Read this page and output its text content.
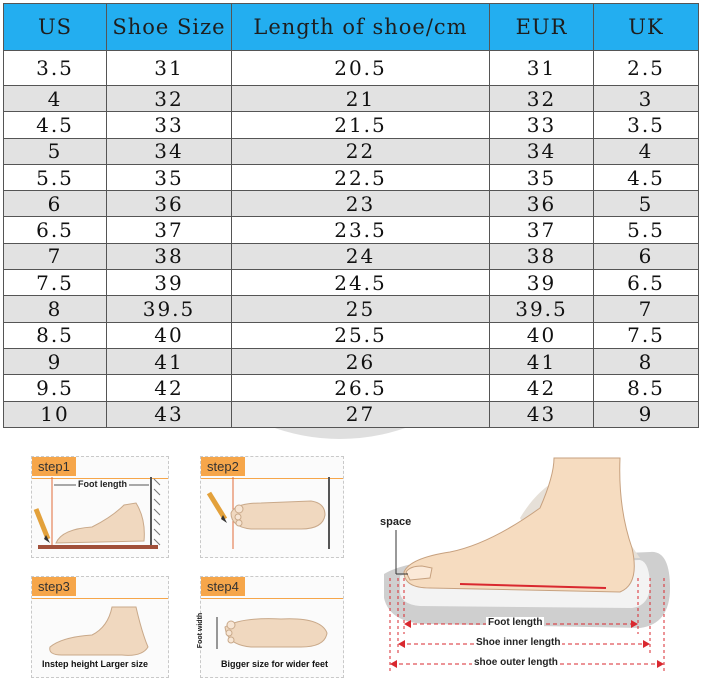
US	Shoe Size	Length of shoe/cm	EUR	UK
3.5	31	20.5	31	2.5
4	32	21	32	3
4.5	33	21.5	33	3.5
5	34	22	34	4
5.5	35	22.5	35	4.5
6	36	23	36	5
6.5	37	23.5	37	5.5
7	38	24	38	6
7.5	39	24.5	39	6.5
8	39.5	25	39.5	7
8.5	40	25.5	40	7.5
9	41	26	41	8
9.5	42	26.5	42	8.5
10	43	27	43	9
step1
Foot length
step2
step3
Instep height Larger size
step4
Foot width
Bigger size for wider feet
space
Foot length
Shoe inner length
shoe outer length
